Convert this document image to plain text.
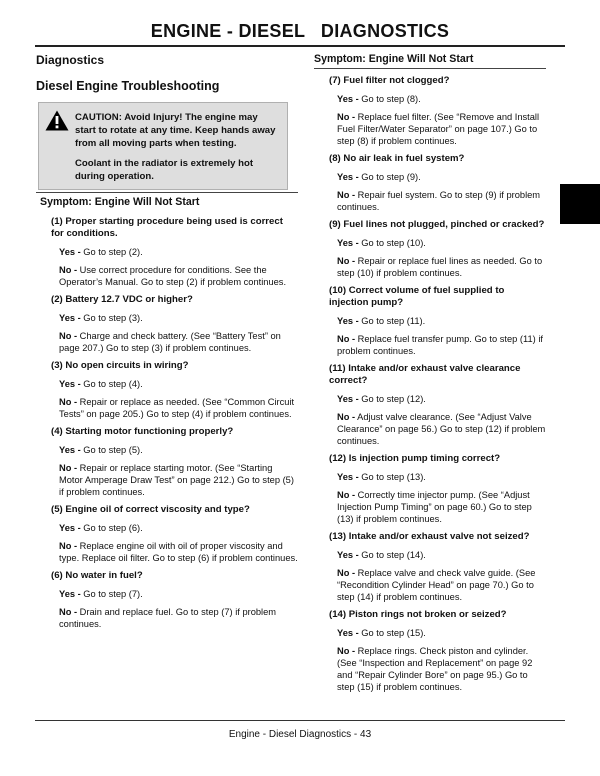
ENGINE - DIESEL   DIAGNOSTICS
Diagnostics
Diesel Engine Troubleshooting

CAUTION: Avoid Injury! The engine may start to rotate at any time. Keep hands away from all moving parts when testing.

Coolant in the radiator is extremely hot during operation.

Symptom: Engine Will Not Start
(1) Proper starting procedure being used is correct for conditions.
Yes - Go to step (2).
No - Use correct procedure for conditions. See the Operator’s Manual. Go to step (2) if problem continues.
(2) Battery 12.7 VDC or higher?
Yes - Go to step (3).
No - Charge and check battery. (See “Battery Test” on page 207.) Go to step (3) if problem continues.
(3) No open circuits in wiring?
Yes - Go to step (4).
No - Repair or replace as needed. (See “Common Circuit Tests” on page 205.) Go to step (4) if problem continues.
(4) Starting motor functioning properly?
Yes - Go to step (5).
No - Repair or replace starting motor. (See “Starting Motor Amperage Draw Test” on page 212.) Go to step (5) if problem continues.
(5) Engine oil of correct viscosity and type?
Yes - Go to step (6).
No - Replace engine oil with oil of proper viscosity and type. Replace oil filter. Go to step (6) if problem continues.
(6) No water in fuel?
Yes - Go to step (7).
No - Drain and replace fuel. Go to step (7) if problem continues.
Symptom: Engine Will Not Start
(7) Fuel filter not clogged?
Yes - Go to step (8).
No - Replace fuel filter. (See “Remove and Install Fuel Filter/Water Separator” on page 107.) Go to step (8) if problem continues.
(8) No air leak in fuel system?
Yes - Go to step (9).
No - Repair fuel system. Go to step (9) if problem continues.
(9) Fuel lines not plugged, pinched or cracked?
Yes - Go to step (10).
No - Repair or replace fuel lines as needed. Go to step (10) if problem continues.
(10) Correct volume of fuel supplied to injection pump?
Yes - Go to step (11).
No - Replace fuel transfer pump. Go to step (11) if problem continues.
(11) Intake and/or exhaust valve clearance correct?
Yes - Go to step (12).
No - Adjust valve clearance. (See “Adjust Valve Clearance” on page 56.) Go to step (12) if problem continues.
(12) Is injection pump timing correct?
Yes - Go to step (13).
No - Correctly time injector pump. (See “Adjust Injection Pump Timing” on page 60.) Go to step (13) if problem continues.
(13) Intake and/or exhaust valve not seized?
Yes - Go to step (14).
No - Replace valve and check valve guide. (See “Recondition Cylinder Head” on page 70.) Go to step (14) if problem continues.
(14) Piston rings not broken or seized?
Yes - Go to step (15).
No - Replace rings. Check piston and cylinder. (See “Inspection and Replacement” on page 92 and “Repair Cylinder Bore” on page 95.) Go to step (15) if problem continues.
Engine - Diesel Diagnostics - 43
